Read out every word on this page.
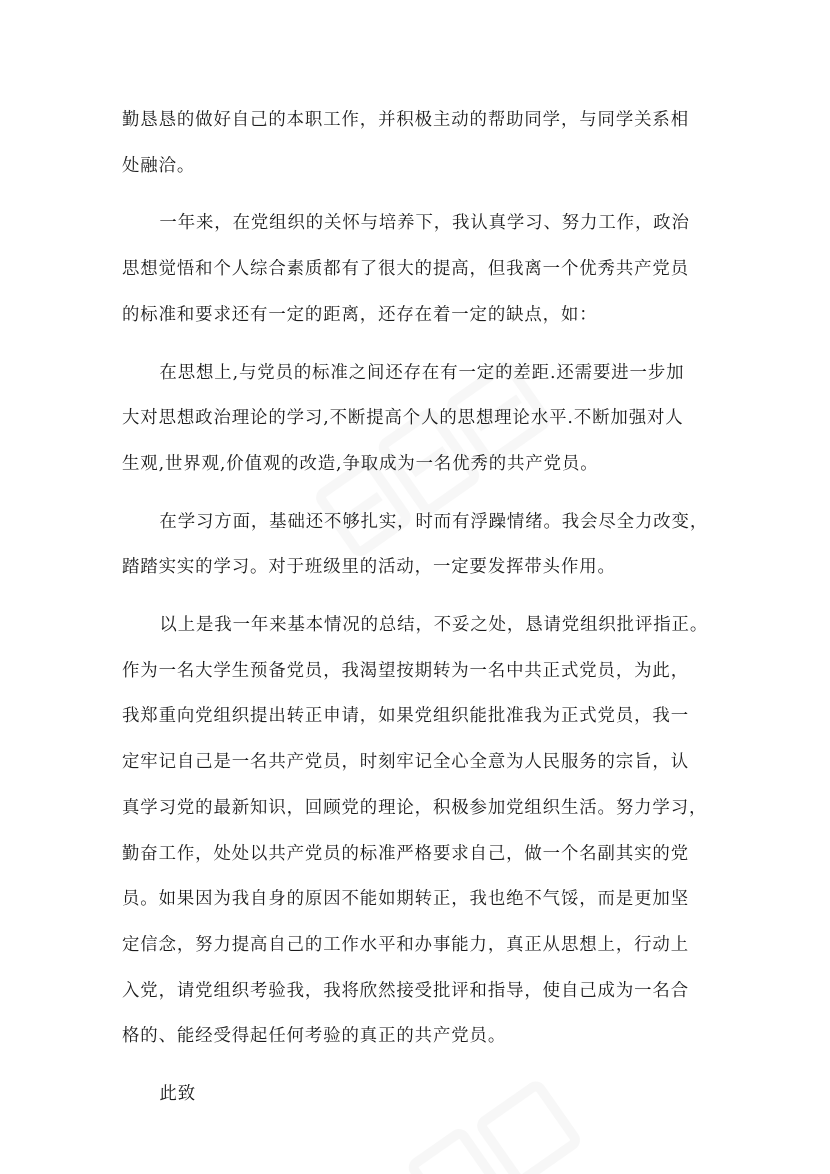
勤恳恳的做好自己的本职工作，并积极主动的帮助同学，与同学关系相
处融洽。

一年来，在党组织的关怀与培养下，我认真学习、努力工作，政治
思想觉悟和个人综合素质都有了很大的提高，但我离一个优秀共产党员
的标准和要求还有一定的距离，还存在着一定的缺点，如：

在思想上,与党员的标准之间还存在有一定的差距.还需要进一步加
大对思想政治理论的学习,不断提高个人的思想理论水平.不断加强对人
生观,世界观,价值观的改造,争取成为一名优秀的共产党员。

在学习方面，基础还不够扎实，时而有浮躁情绪。我会尽全力改变，
踏踏实实的学习。对于班级里的活动，一定要发挥带头作用。

以上是我一年来基本情况的总结，不妥之处，恳请党组织批评指正。
作为一名大学生预备党员，我渴望按期转为一名中共正式党员，为此，
我郑重向党组织提出转正申请，如果党组织能批准我为正式党员，我一
定牢记自己是一名共产党员，时刻牢记全心全意为人民服务的宗旨，认
真学习党的最新知识，回顾党的理论，积极参加党组织生活。努力学习，
勤奋工作，处处以共产党员的标准严格要求自己，做一个名副其实的党
员。如果因为我自身的原因不能如期转正，我也绝不气馁，而是更加坚
定信念，努力提高自己的工作水平和办事能力，真正从思想上，行动上
入党，请党组织考验我，我将欣然接受批评和指导，使自己成为一名合
格的、能经受得起任何考验的真正的共产党员。

此致
